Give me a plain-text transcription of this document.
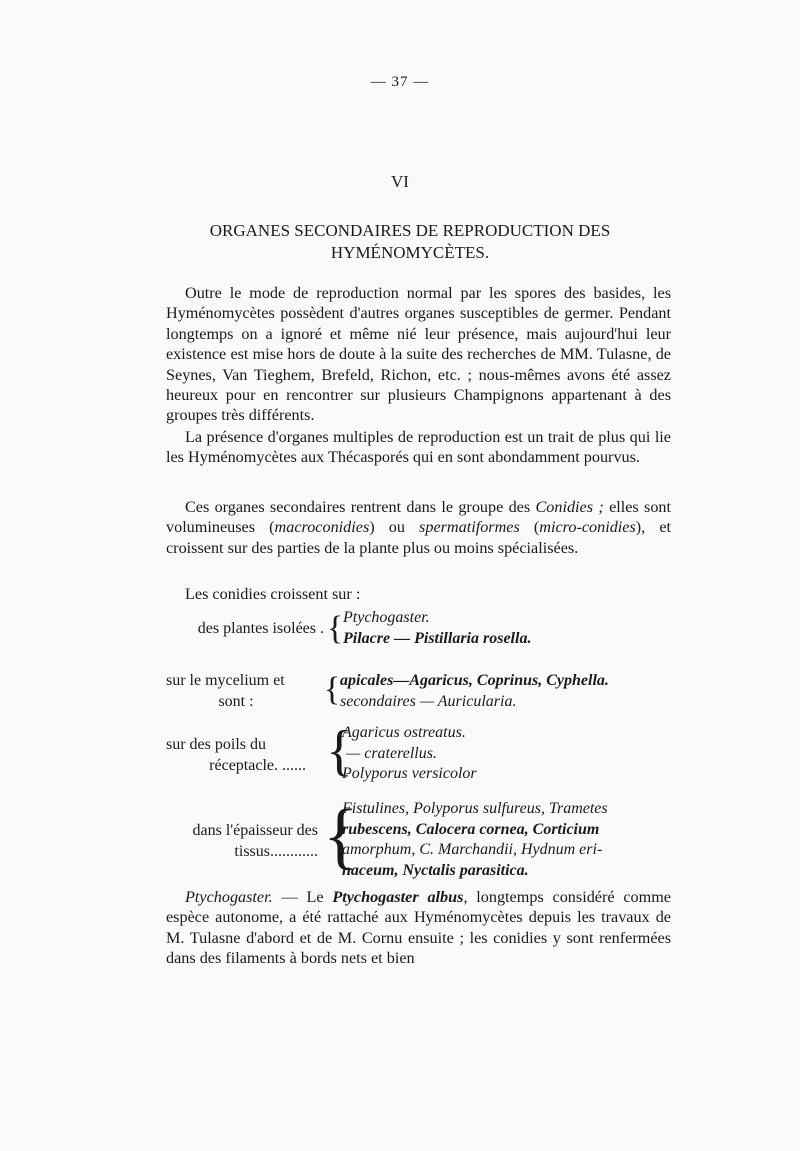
— 37 —
VI
ORGANES SECONDAIRES DE REPRODUCTION DES
HYMÉNOMYCÈTES.

Outre le mode de reproduction normal par les spores des basides, les Hyménomycètes possèdent d'autres organes susceptibles de germer. Pendant longtemps on a ignoré et même nié leur présence, mais aujourd'hui leur existence est mise hors de doute à la suite des recherches de MM. Tulasne, de Seynes, Van Tieghem, Brefeld, Richon, etc. ; nous-mêmes avons été assez heureux pour en rencontrer sur plusieurs Champignons appartenant à des groupes très différents.

La présence d'organes multiples de reproduction est un trait de plus qui lie les Hyménomycètes aux Thécasporés qui en sont abondamment pourvus.

Ces organes secondaires rentrent dans le groupe des Conidies ; elles sont volumineuses (macroconidies) ou spermatiformes (micro-conidies), et croissent sur des parties de la plante plus ou moins spécialisées.

Les conidies croissent sur :

des plantes isolées . { Ptychogaster.
Pilacre — Pistillaria rosella.
sur le mycelium et
sont :	{ apicales—Agaricus, Coprinus, Cyphella.
secondaires — Auricularia.
sur des poils du
réceptacle. ...... {
Agaricus ostreatus.
— craterellus.
Polyporus versicolor
dans l'épaisseur des
tissus............ {
Fistulines, Polyporus sulfureus, Trametes
rubescens, Calocera cornea, Corticium
amorphum, C. Marchandii, Hydnum eri-
naceum, Nyctalis parasitica.

Ptychogaster. — Le Ptychogaster albus, longtemps considéré comme espèce autonome, a été rattaché aux Hyménomycètes depuis les travaux de M. Tulasne d'abord et de M. Cornu ensuite ; les conidies y sont renfermées dans des filaments à bords nets et bien
